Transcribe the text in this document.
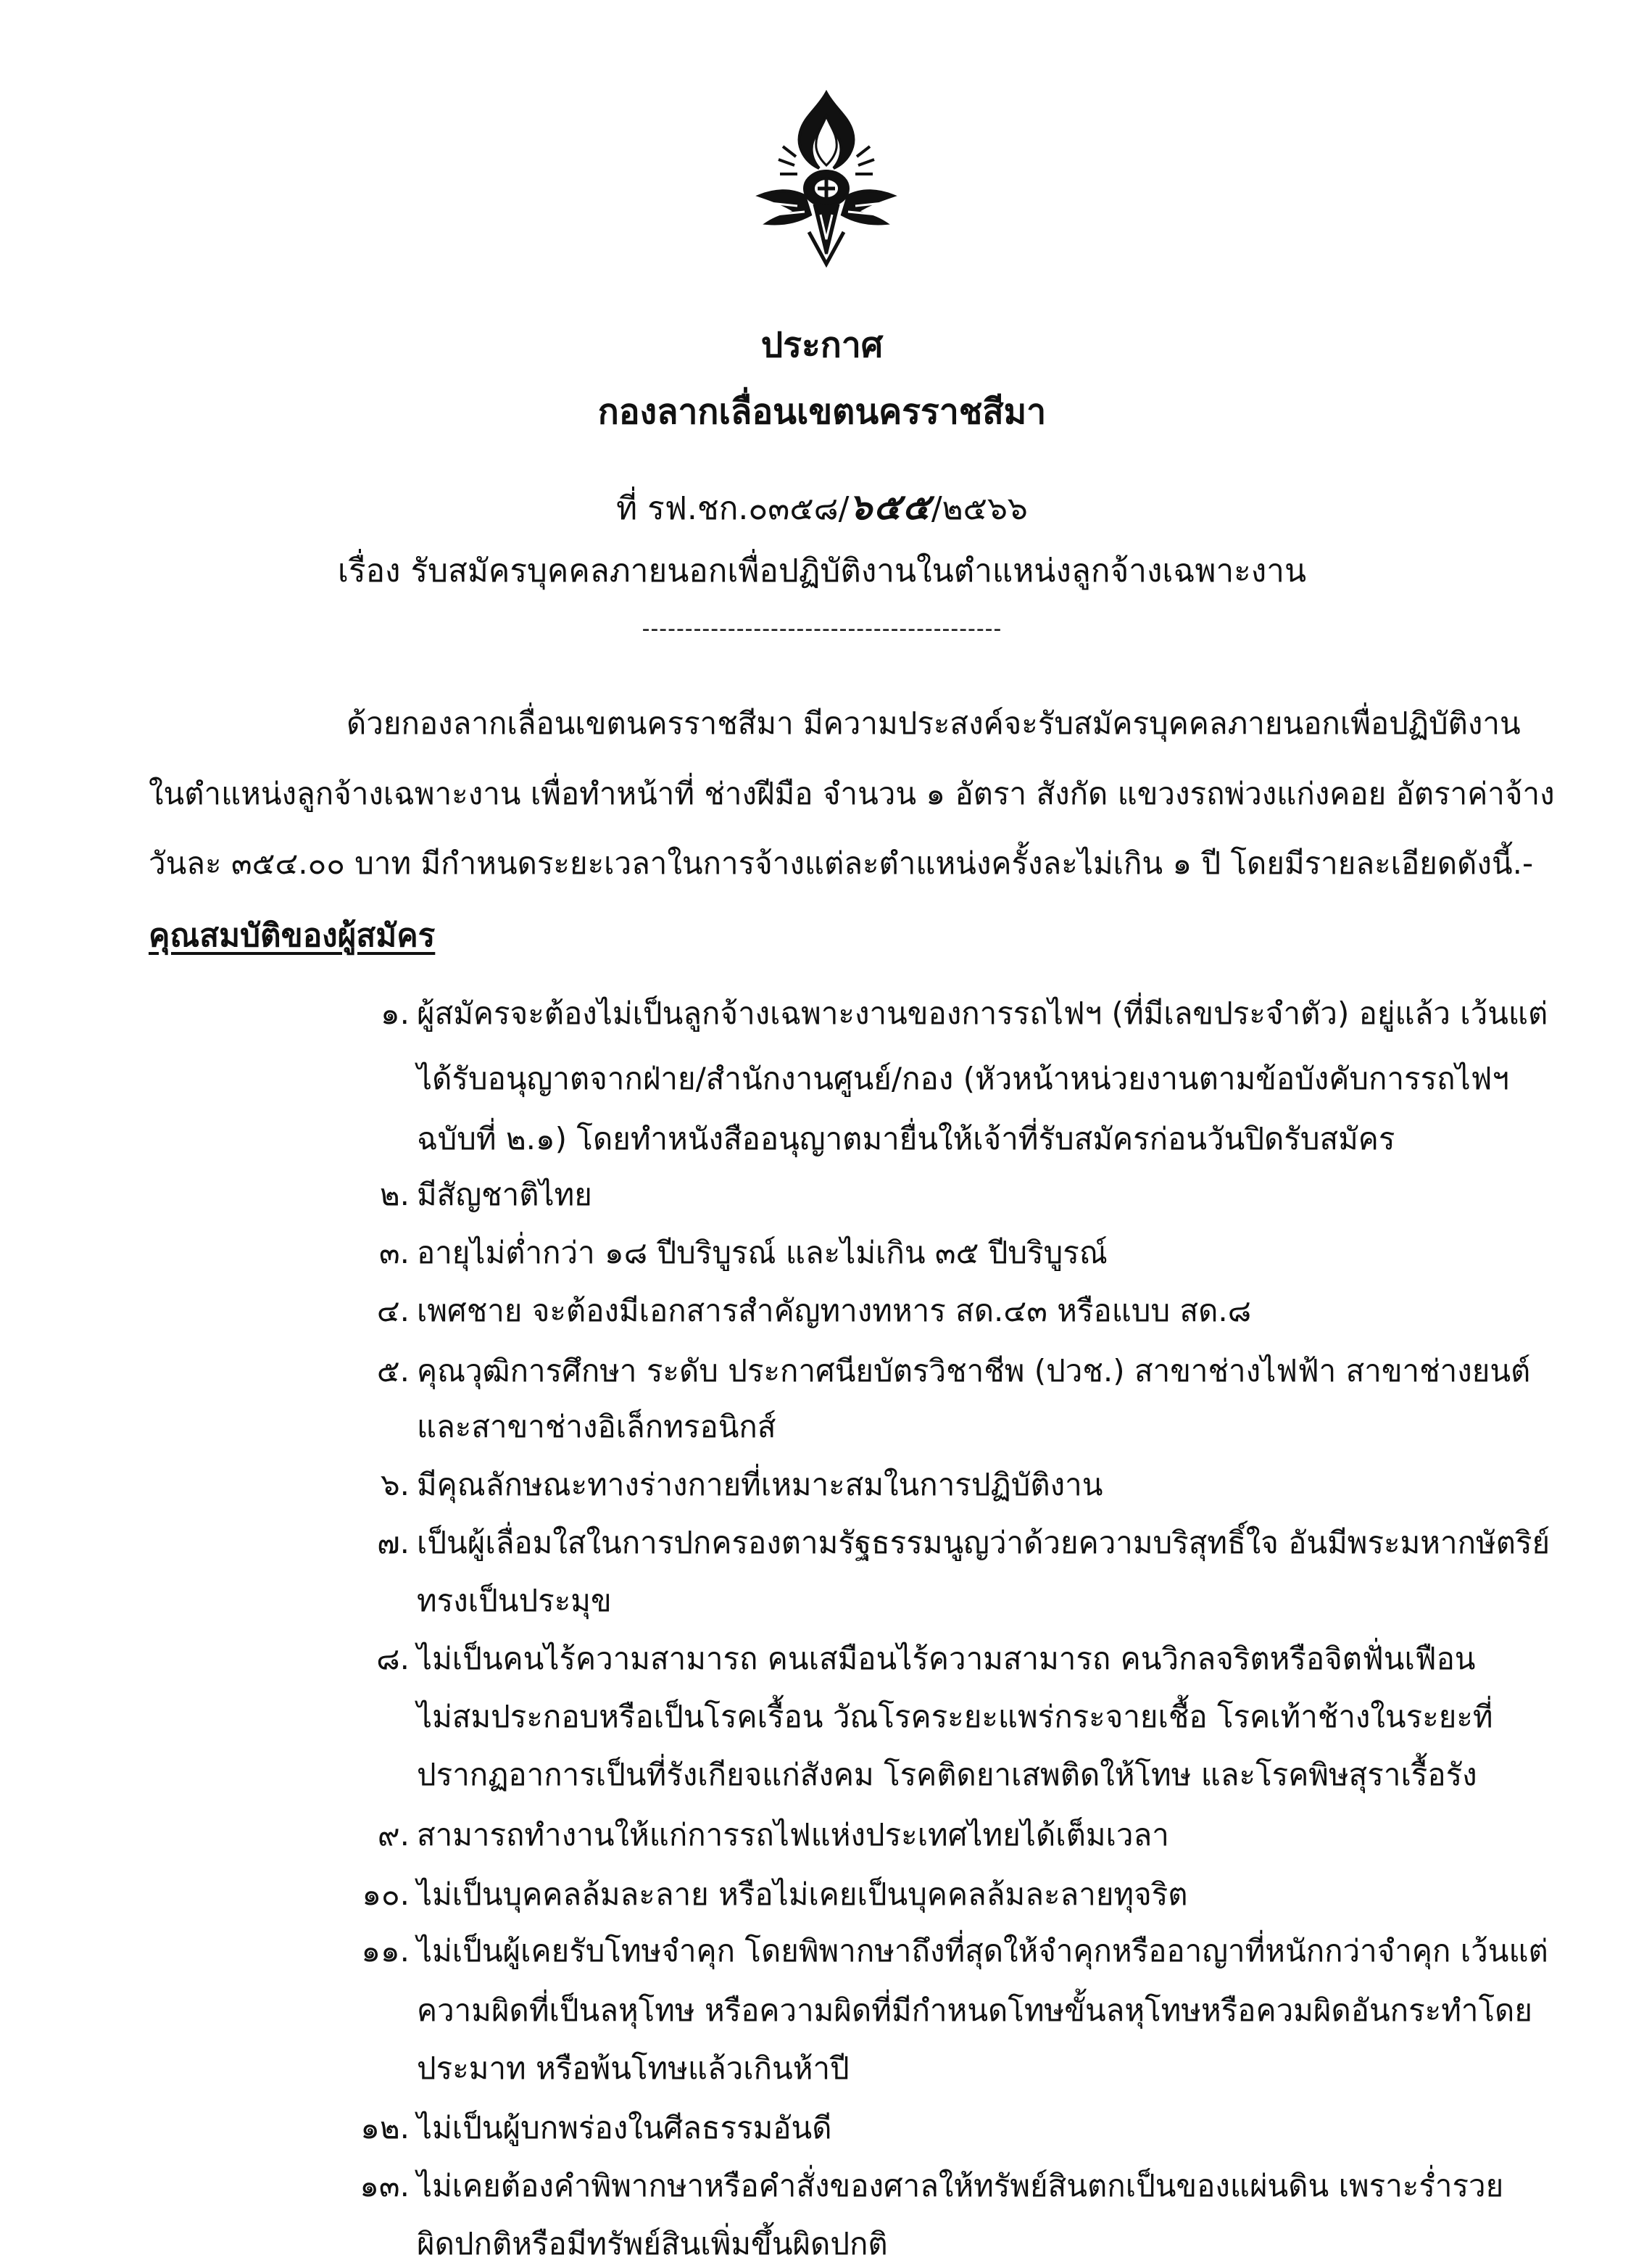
ประกาศ
กองลากเลื่อนเขตนครราชสีมา
ที่ รฟ.ชก.๐๓๕๘/๖๕๕/๒๕๖๖
เรื่อง รับสมัครบุคคลภายนอกเพื่อปฏิบัติงานในตำแหน่งลูกจ้างเฉพาะงาน
------------------------------------------
ด้วยกองลากเลื่อนเขตนครราชสีมา มีความประสงค์จะรับสมัครบุคคลภายนอกเพื่อปฏิบัติงาน
ในตำแหน่งลูกจ้างเฉพาะงาน เพื่อทำหน้าที่ ช่างฝีมือ จำนวน ๑ อัตรา สังกัด แขวงรถพ่วงแก่งคอย อัตราค่าจ้าง
วันละ ๓๕๔.๐๐ บาท มีกำหนดระยะเวลาในการจ้างแต่ละตำแหน่งครั้งละไม่เกิน ๑ ปี โดยมีรายละเอียดดังนี้.-
คุณสมบัติของผู้สมัคร
๑. ผู้สมัครจะต้องไม่เป็นลูกจ้างเฉพาะงานของการรถไฟฯ (ที่มีเลขประจำตัว) อยู่แล้ว เว้นแต่
ได้รับอนุญาตจากฝ่าย/สำนักงานศูนย์/กอง (หัวหน้าหน่วยงานตามข้อบังคับการรถไฟฯ
ฉบับที่ ๒.๑) โดยทำหนังสืออนุญาตมายื่นให้เจ้าที่รับสมัครก่อนวันปิดรับสมัคร
๒. มีสัญชาติไทย
๓. อายุไม่ต่ำกว่า ๑๘ ปีบริบูรณ์ และไม่เกิน ๓๕ ปีบริบูรณ์
๔. เพศชาย จะต้องมีเอกสารสำคัญทางทหาร สด.๔๓ หรือแบบ สด.๘
๕. คุณวุฒิการศึกษา ระดับ ประกาศนียบัตรวิชาชีพ (ปวช.) สาขาช่างไฟฟ้า สาขาช่างยนต์
และสาขาช่างอิเล็กทรอนิกส์
๖. มีคุณลักษณะทางร่างกายที่เหมาะสมในการปฏิบัติงาน
๗. เป็นผู้เลื่อมใสในการปกครองตามรัฐธรรมนูญว่าด้วยความบริสุทธิ์ใจ อันมีพระมหากษัตริย์
ทรงเป็นประมุข
๘. ไม่เป็นคนไร้ความสามารถ คนเสมือนไร้ความสามารถ คนวิกลจริตหรือจิตฟั่นเฟือน
ไม่สมประกอบหรือเป็นโรคเรื้อน วัณโรคระยะแพร่กระจายเชื้อ โรคเท้าช้างในระยะที่
ปรากฏอาการเป็นที่รังเกียจแก่สังคม โรคติดยาเสพติดให้โทษ และโรคพิษสุราเรื้อรัง
๙. สามารถทำงานให้แก่การรถไฟแห่งประเทศไทยได้เต็มเวลา
๑๐. ไม่เป็นบุคคลล้มละลาย หรือไม่เคยเป็นบุคคลล้มละลายทุจริต
๑๑. ไม่เป็นผู้เคยรับโทษจำคุก โดยพิพากษาถึงที่สุดให้จำคุกหรืออาญาที่หนักกว่าจำคุก เว้นแต่
ความผิดที่เป็นลหุโทษ หรือความผิดที่มีกำหนดโทษขั้นลหุโทษหรือควมผิดอันกระทำโดย
ประมาท หรือพ้นโทษแล้วเกินห้าปี
๑๒. ไม่เป็นผู้บกพร่องในศีลธรรมอันดี
๑๓. ไม่เคยต้องคำพิพากษาหรือคำสั่งของศาลให้ทรัพย์สินตกเป็นของแผ่นดิน เพราะร่ำรวย
ผิดปกติหรือมีทรัพย์สินเพิ่มขึ้นผิดปกติ
